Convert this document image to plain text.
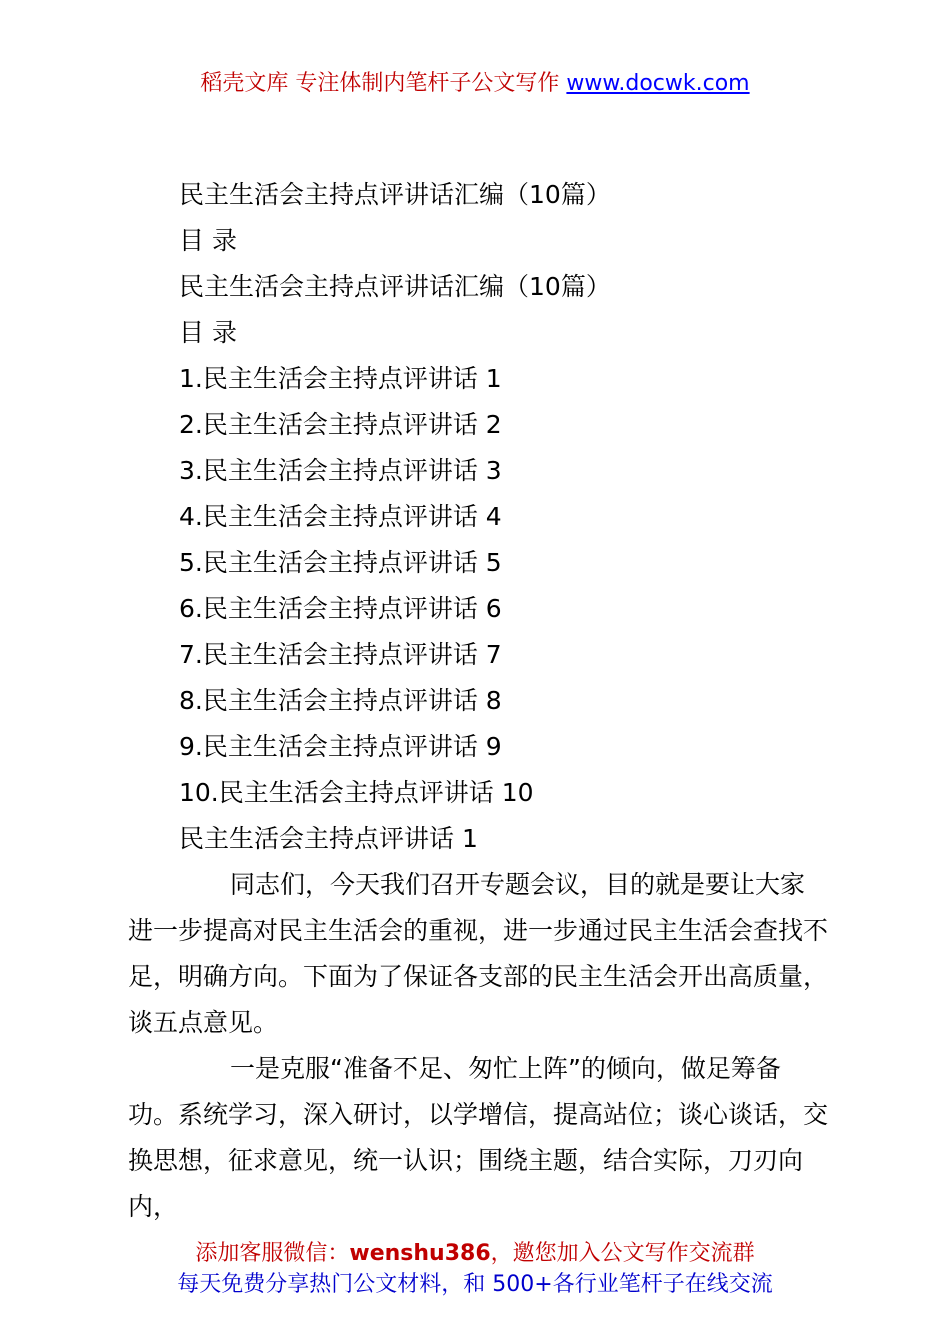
稻壳文库 专注体制内笔杆子公文写作 www.docwk.com
民主生活会主持点评讲话汇编（10篇）
目 录
民主生活会主持点评讲话汇编（10篇）
目 录
1.民主生活会主持点评讲话 1
2.民主生活会主持点评讲话 2
3.民主生活会主持点评讲话 3
4.民主生活会主持点评讲话 4
5.民主生活会主持点评讲话 5
6.民主生活会主持点评讲话 6
7.民主生活会主持点评讲话 7
8.民主生活会主持点评讲话 8
9.民主生活会主持点评讲话 9
10.民主生活会主持点评讲话 10
民主生活会主持点评讲话 1

同志们，今天我们召开专题会议，目的就是要让大家进一步提高对民主生活会的重视，进一步通过民主生活会查找不足，明确方向。下面为了保证各支部的民主生活会开出高质量，谈五点意见。

一是克服“准备不足、匆忙上阵”的倾向，做足筹备功。系统学习，深入研讨，以学增信，提高站位；谈心谈话，交换思想，征求意见，统一认识；围绕主题，结合实际，刀刃向内，

添加客服微信：wenshu386，邀您加入公文写作交流群
每天免费分享热门公文材料，和 500+各行业笔杆子在线交流
